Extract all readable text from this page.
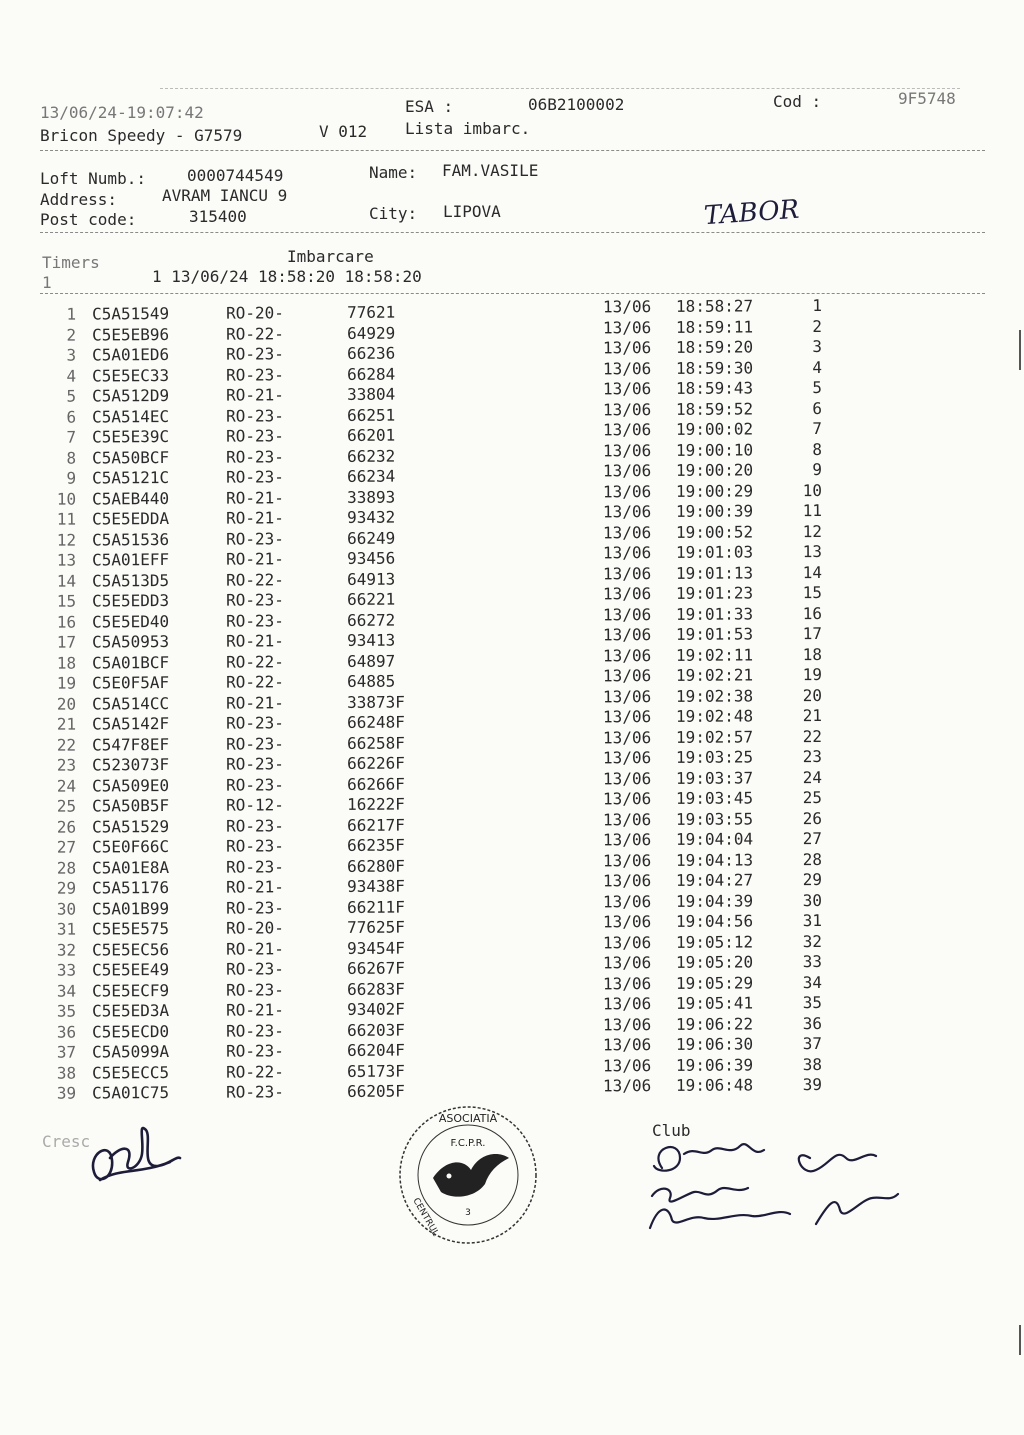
13/06/24-19:07:42	ESA :	06B2100002	Cod :	9F5748
Bricon Speedy - G7579	V 012 Lista imbarc.
Loft Numb.:	0000744549	Name: FAM.VASILE
Address:	AVRAM IANCU 9
Post code:	315400	City: LIPOVA	TABOR
Timers	Imbarcare
1	1 13/06/24 18:58:20 18:58:20
1 C5A51549	RO-20-	77621	13/06 18:58:27	1
2 C5E5EB96	RO-22-	64929	13/06 18:59:11	2
3 C5A01ED6	RO-23-	66236	13/06 18:59:20	3
4 C5E5EC33	RO-23-	66284	13/06 18:59:30	4
5 C5A512D9	RO-21-	33804	13/06 18:59:43	5
6 C5A514EC	RO-23-	66251	13/06 18:59:52	6
7 C5E5E39C	RO-23-	66201	13/06 19:00:02	7
8 C5A50BCF	RO-23-	66232	13/06 19:00:10	8
9 C5A5121C	RO-23-	66234	13/06 19:00:20	9
10 C5AEB440	RO-21-	33893	13/06 19:00:29	10
11 C5E5EDDA	RO-21-	93432	13/06 19:00:39	11
12 C5A51536	RO-23-	66249	13/06 19:00:52	12
13 C5A01EFF	RO-21-	93456	13/06 19:01:03	13
14 C5A513D5	RO-22-	64913	13/06 19:01:13	14
15 C5E5EDD3	RO-23-	66221	13/06 19:01:23	15
16 C5E5ED40	RO-23-	66272	13/06 19:01:33	16
17 C5A50953	RO-21-	93413	13/06 19:01:53	17
18 C5A01BCF	RO-22-	64897	13/06 19:02:11	18
19 C5E0F5AF	RO-22-	64885	13/06 19:02:21	19
20 C5A514CC	RO-21-	33873F	13/06 19:02:38	20
21 C5A5142F	RO-23-	66248F	13/06 19:02:48	21
22 C547F8EF	RO-23-	66258F	13/06 19:02:57	22
23 C523073F	RO-23-	66226F	13/06 19:03:25	23
24 C5A509E0	RO-23-	66266F	13/06 19:03:37	24
25 C5A50B5F	RO-12-	16222F	13/06 19:03:45	25
26 C5A51529	RO-23-	66217F	13/06 19:03:55	26
27 C5E0F66C	RO-23-	66235F	13/06 19:04:04	27
28 C5A01E8A	RO-23-	66280F	13/06 19:04:13	28
29 C5A51176	RO-21-	93438F	13/06 19:04:27	29
30 C5A01B99	RO-23-	66211F	13/06 19:04:39	30
31 C5E5E575	RO-20-	77625F	13/06 19:04:56	31
32 C5E5EC56	RO-21-	93454F	13/06 19:05:12	32
33 C5E5EE49	RO-23-	66267F	13/06 19:05:20	33
34 C5E5ECF9	RO-23-	66283F	13/06 19:05:29	34
35 C5E5ED3A	RO-21-	93402F	13/06 19:05:41	35
36 C5E5ECD0	RO-23-	66203F	13/06 19:06:22	36
37 C5A5099A	RO-23-	66204F	13/06 19:06:30	37
38 C5E5ECC5	RO-22-	65173F	13/06 19:06:39	38
39 C5A01C75	RO-23-	66205F	13/06 19:06:48	39
Cresc
ASOCIATIA
F.C.P.R.
CENTRUL	3
Club
